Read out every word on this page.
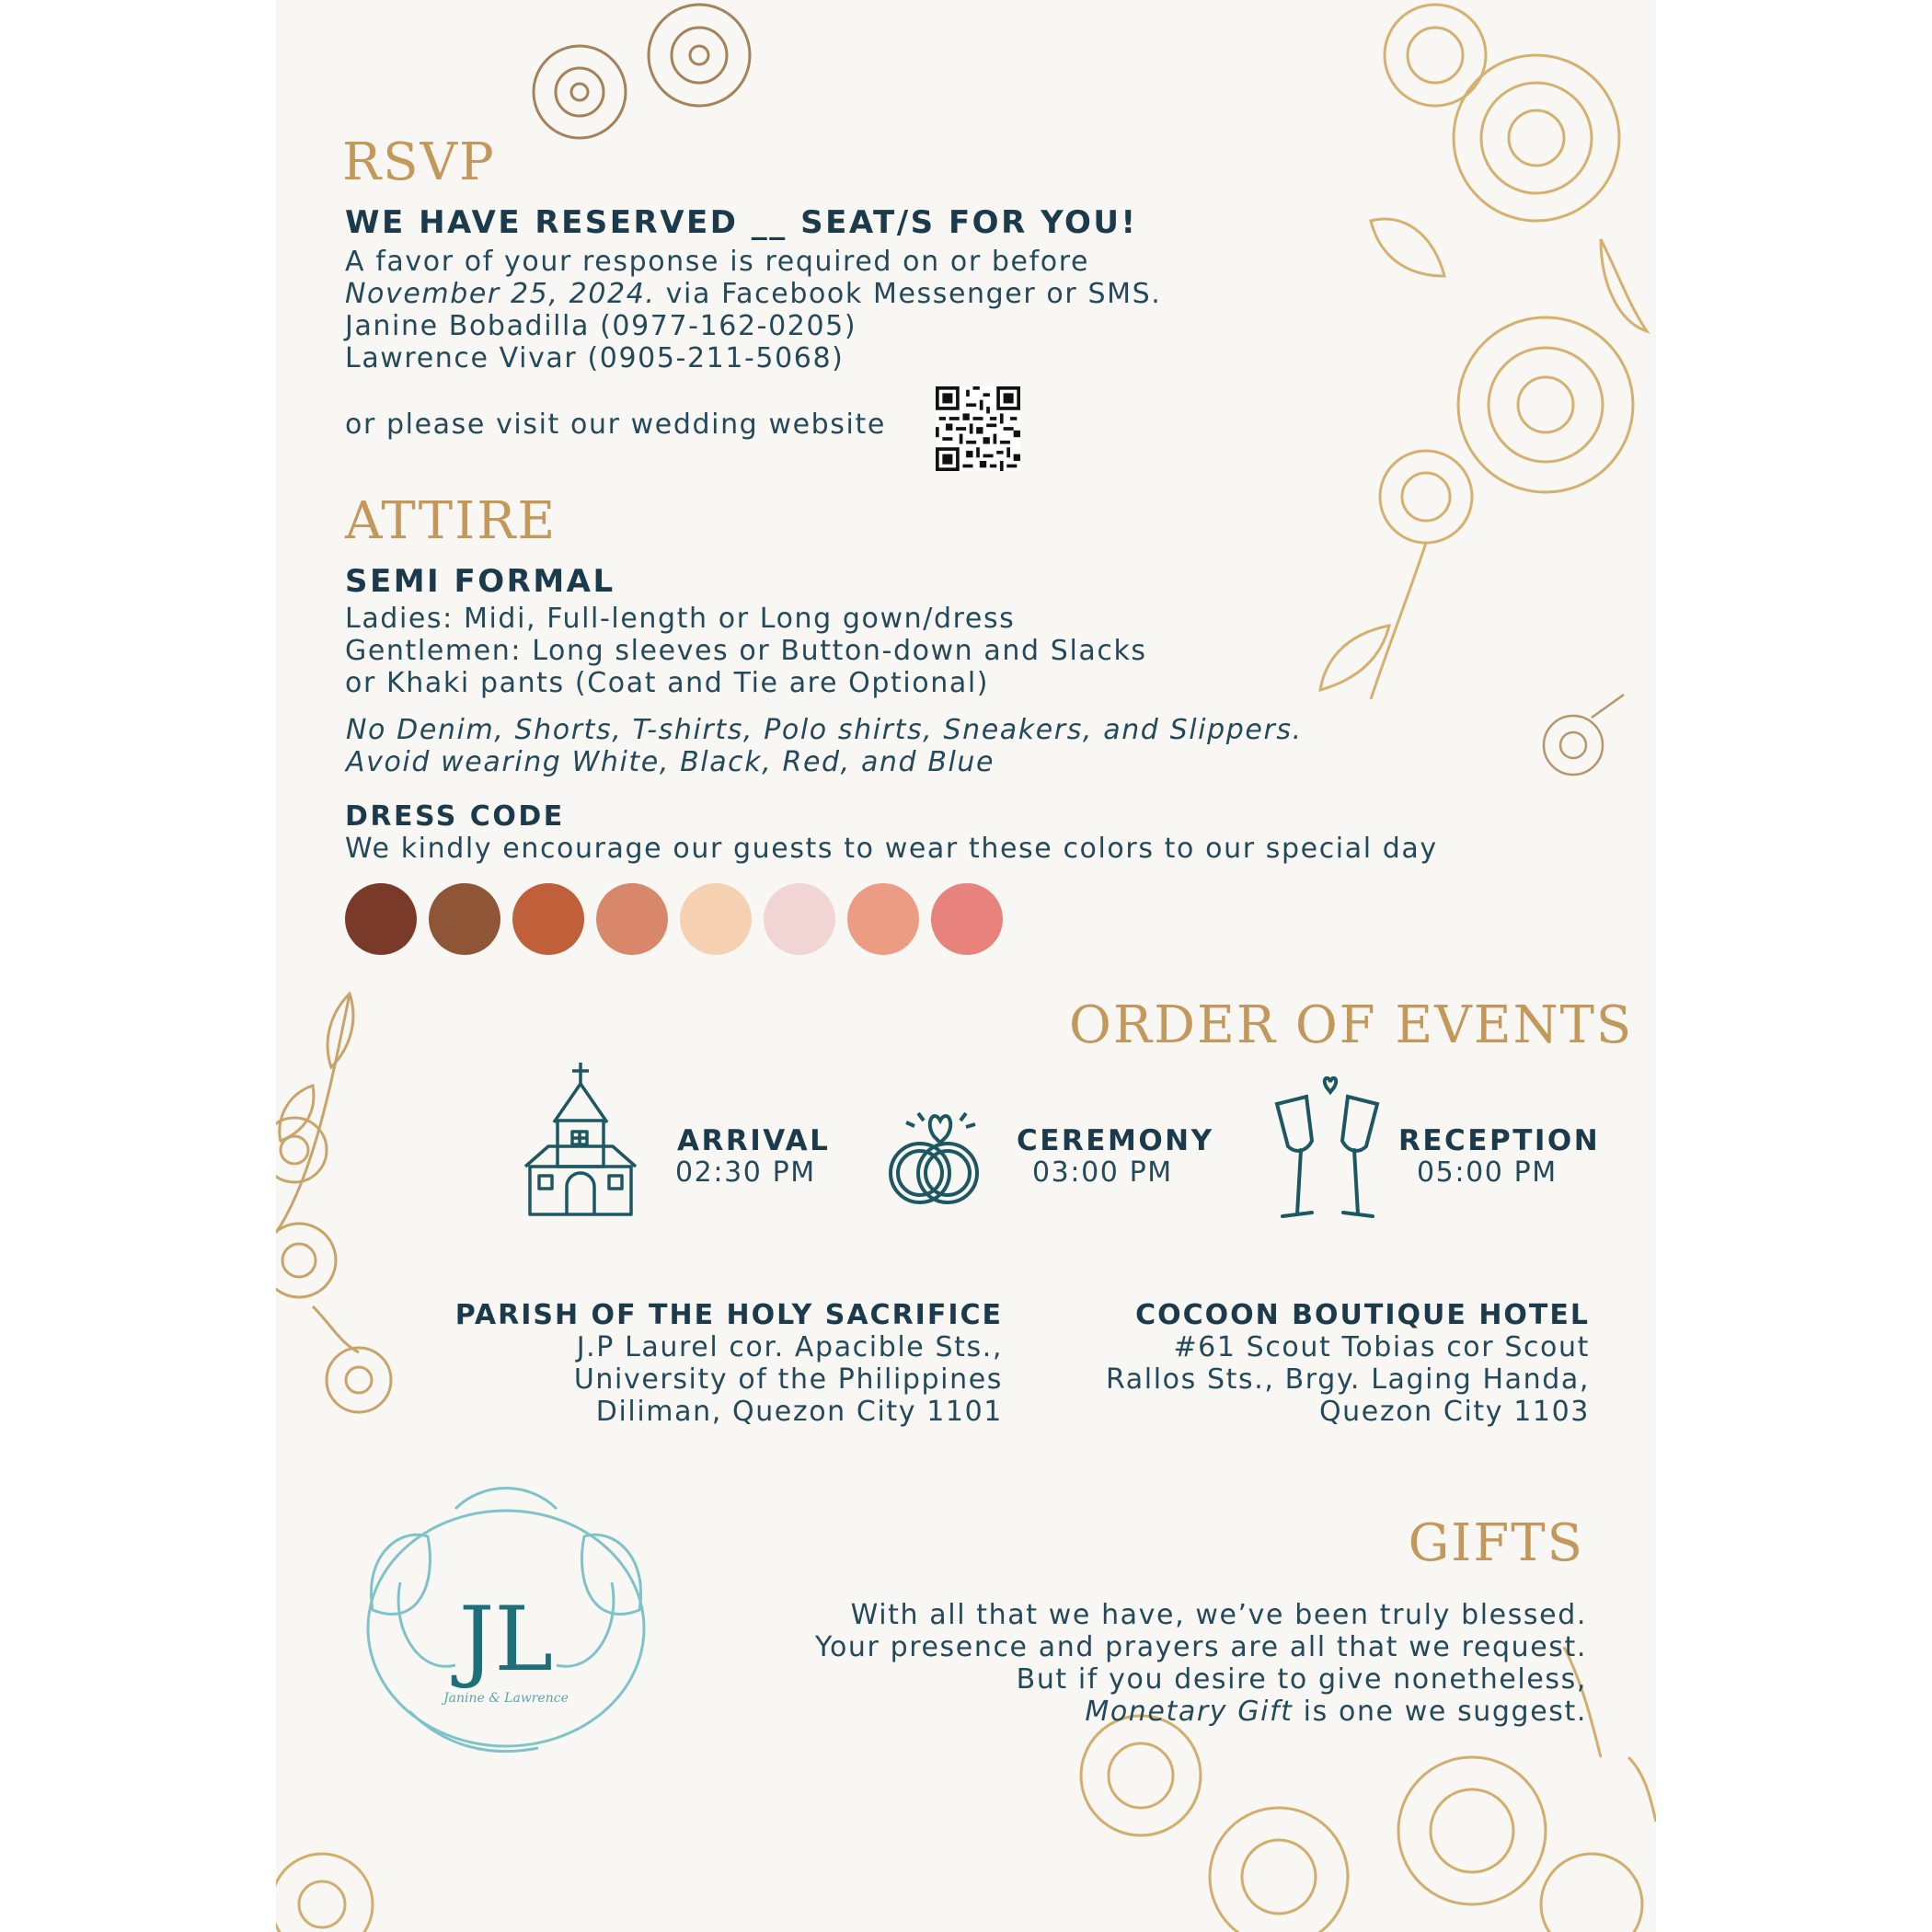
RSVP
WE HAVE RESERVED __ SEAT/S FOR YOU!
A favor of your response is required on or before
November 25, 2024. via Facebook Messenger or SMS.
Janine Bobadilla (0977-162-0205)
Lawrence Vivar (0905-211-5068)
or please visit our wedding website
ATTIRE
SEMI FORMAL
Ladies: Midi, Full-length or Long gown/dress
Gentlemen: Long sleeves or Button-down and Slacks
or Khaki pants (Coat and Tie are Optional)
No Denim, Shorts, T-shirts, Polo shirts, Sneakers, and Slippers.
Avoid wearing White, Black, Red, and Blue
DRESS CODE
We kindly encourage our guests to wear these colors to our special day
ORDER OF EVENTS
ARRIVAL
02:30 PM
CEREMONY
03:00 PM
RECEPTION
05:00 PM
PARISH OF THE HOLY SACRIFICE
J.P Laurel cor. Apacible Sts.,
University of the Philippines
Diliman, Quezon City 1101
COCOON BOUTIQUE HOTEL
#61 Scout Tobias cor Scout
Rallos Sts., Brgy. Laging Handa,
Quezon City 1103
JL
Janine & Lawrence
GIFTS
With all that we have, we’ve been truly blessed.
Your presence and prayers are all that we request.
But if you desire to give nonetheless,
Monetary Gift is one we suggest.
